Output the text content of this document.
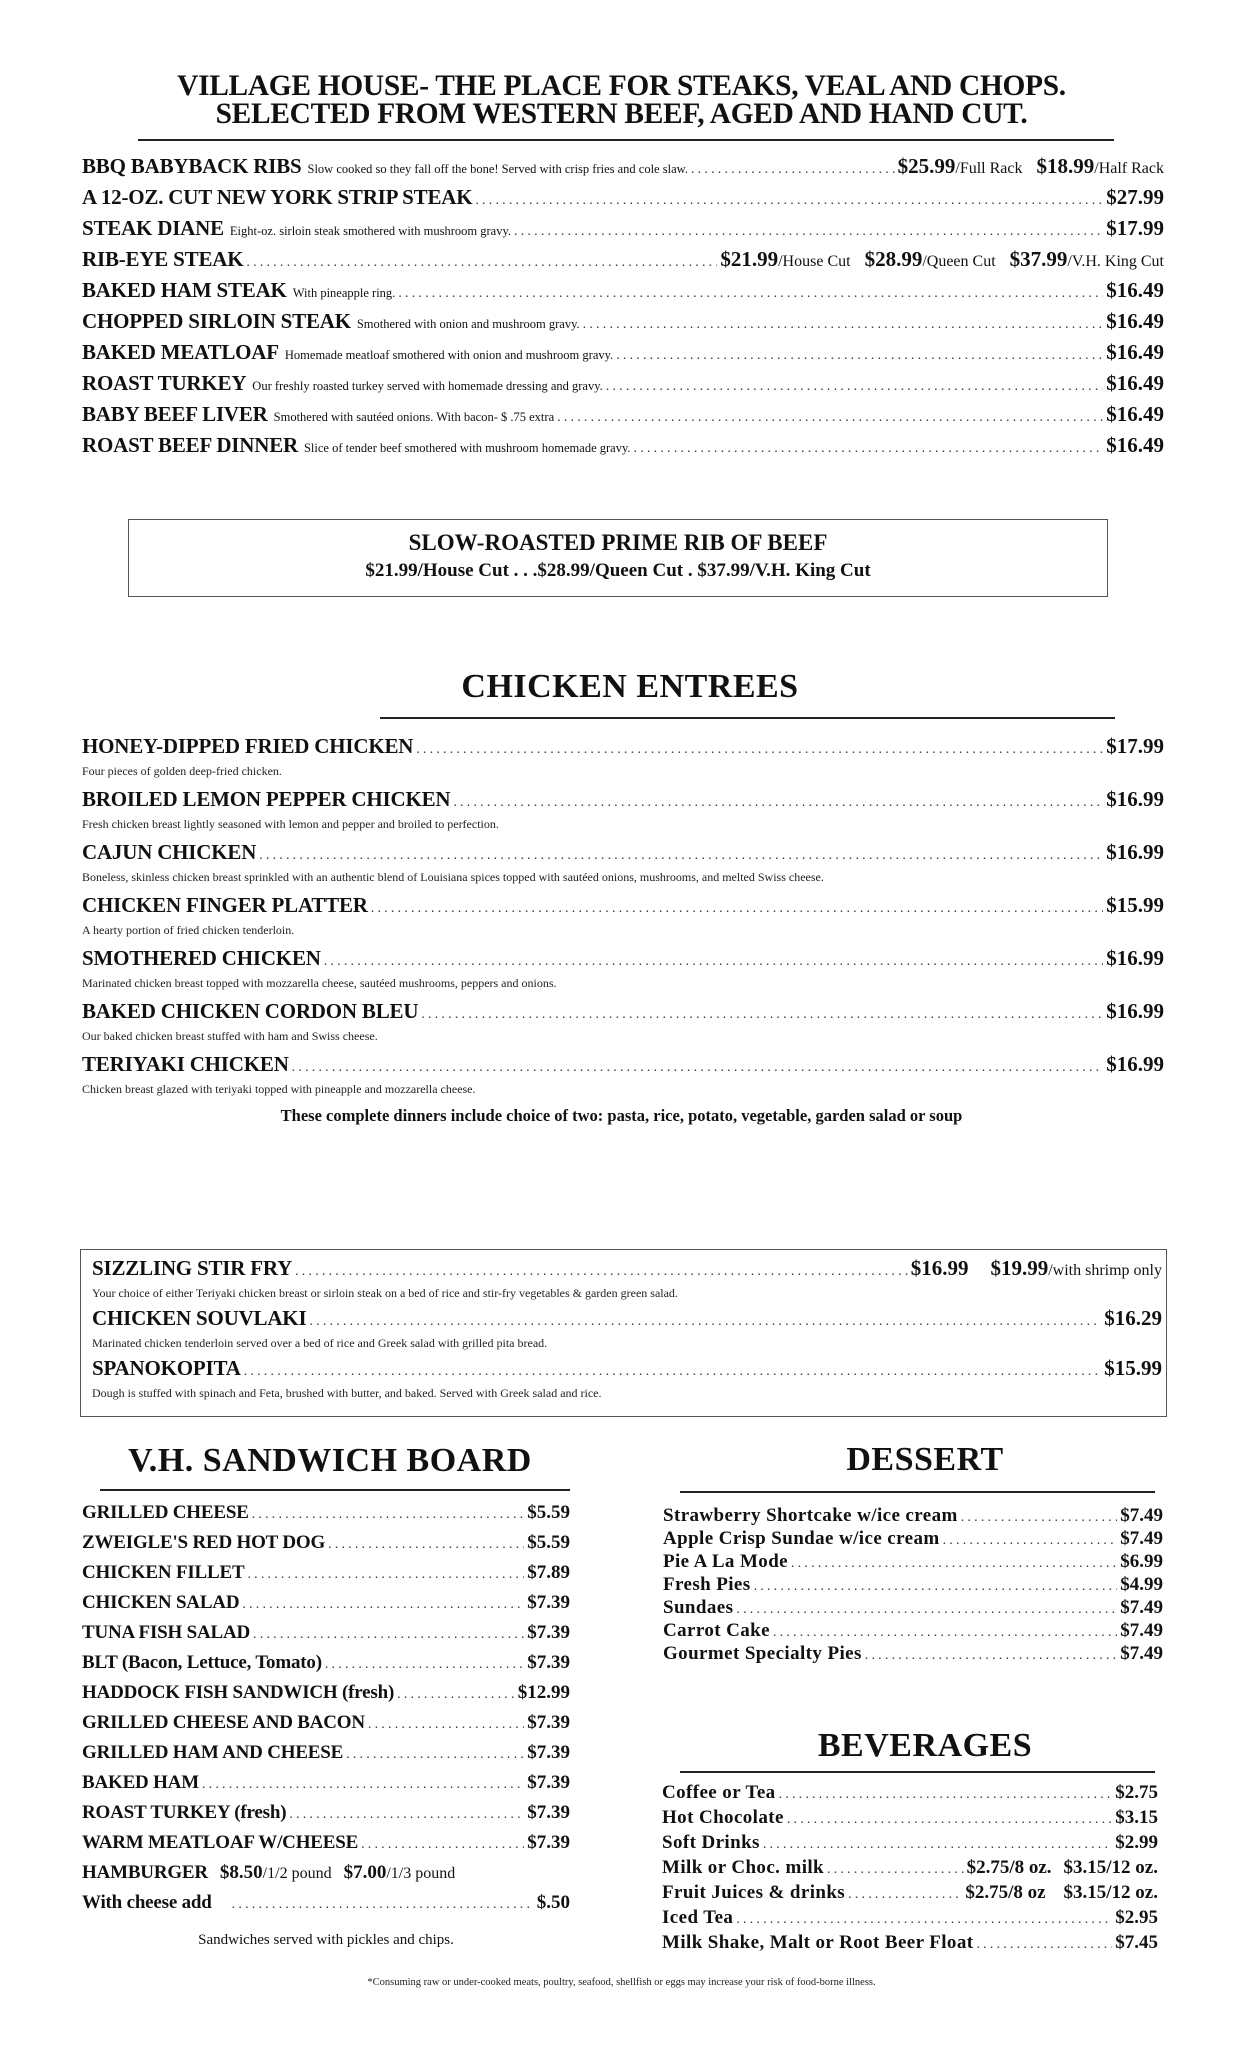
VILLAGE HOUSE- THE PLACE FOR STEAKS, VEAL AND CHOPS.
SELECTED FROM WESTERN BEEF, AGED AND HAND CUT.
BBQ BABYBACK RIBS Slow cooked so they fall off the bone! Served with crisp fries and cole slaw. .....	$25.99/Full Rack $18.99/Half Rack
A 12-OZ. CUT NEW YORK STRIP STEAK .....	$27.99
STEAK DIANE Eight-oz. sirloin steak smothered with mushroom gravy. .....	$17.99
RIB-EYE STEAK .....	$21.99/House Cut $28.99/Queen Cut $37.99/V.H. King Cut
BAKED HAM STEAK With pineapple ring. .....	$16.49
CHOPPED SIRLOIN STEAK Smothered with onion and mushroom gravy. .....	$16.49
BAKED MEATLOAF Homemade meatloaf smothered with onion and mushroom gravy. .....	$16.49
ROAST TURKEY Our freshly roasted turkey served with homemade dressing and gravy. .....	$16.49
BABY BEEF LIVER Smothered with sautéed onions. With bacon- $ .75 extra .....	$16.49
ROAST BEEF DINNER Slice of tender beef smothered with mushroom homemade gravy. .....	$16.49
SLOW-ROASTED PRIME RIB OF BEEF
$21.99/House Cut . . .$28.99/Queen Cut . $37.99/V.H. King Cut
CHICKEN ENTREES
HONEY-DIPPED FRIED CHICKEN .....	$17.99
Four pieces of golden deep-fried chicken.
BROILED LEMON PEPPER CHICKEN .....	$16.99
Fresh chicken breast lightly seasoned with lemon and pepper and broiled to perfection.
CAJUN CHICKEN .....	$16.99
Boneless, skinless chicken breast sprinkled with an authentic blend of Louisiana spices topped with sautéed onions, mushrooms, and melted Swiss cheese.
CHICKEN FINGER PLATTER .....	$15.99
A hearty portion of fried chicken tenderloin.
SMOTHERED CHICKEN .....	$16.99
Marinated chicken breast topped with mozzarella cheese, sautéed mushrooms, peppers and onions.
BAKED CHICKEN CORDON BLEU .....	$16.99
Our baked chicken breast stuffed with ham and Swiss cheese.
TERIYAKI CHICKEN .....	$16.99
Chicken breast glazed with teriyaki topped with pineapple and mozzarella cheese.
These complete dinners include choice of two: pasta, rice, potato, vegetable, garden salad or soup
SIZZLING STIR FRY .....	$16.99 $19.99/with shrimp only
Your choice of either Teriyaki chicken breast or sirloin steak on a bed of rice and stir-fry vegetables & garden green salad.
CHICKEN SOUVLAKI .....	$16.29
Marinated chicken tenderloin served over a bed of rice and Greek salad with grilled pita bread.
SPANOKOPITA .....	$15.99
Dough is stuffed with spinach and Feta, brushed with butter, and baked. Served with Greek salad and rice.
V.H. SANDWICH BOARD
GRILLED CHEESE .....	$5.59
ZWEIGLE'S RED HOT DOG .....	$5.59
CHICKEN FILLET .....	$7.89
CHICKEN SALAD .....	$7.39
TUNA FISH SALAD .....	$7.39
BLT (Bacon, Lettuce, Tomato) .....	$7.39
HADDOCK FISH SANDWICH (fresh) .....	$12.99
GRILLED CHEESE AND BACON .....	$7.39
GRILLED HAM AND CHEESE .....	$7.39
BAKED HAM .....	$7.39
ROAST TURKEY (fresh) .....	$7.39
WARM MEATLOAF W/CHEESE .....	$7.39
HAMBURGER $8.50/1/2 pound $7.00/1/3 pound
With cheese add .....	$.50
Sandwiches served with pickles and chips.
DESSERT
Strawberry Shortcake w/ice cream .....	$7.49
Apple Crisp Sundae w/ice cream .....	$7.49
Pie A La Mode .....	$6.99
Fresh Pies .....	$4.99
Sundaes .....	$7.49
Carrot Cake .....	$7.49
Gourmet Specialty Pies .....	$7.49
BEVERAGES
Coffee or Tea .....	$2.75
Hot Chocolate .....	$3.15
Soft Drinks .....	$2.99
Milk or Choc. milk .....	$2.75/8 oz. $3.15/12 oz.
Fruit Juices & drinks .....	$2.75/8 oz $3.15/12 oz.
Iced Tea .....	$2.95
Milk Shake, Malt or Root Beer Float .....	$7.45
*Consuming raw or under-cooked meats, poultry, seafood, shellfish or eggs may increase your risk of food-borne illness.
